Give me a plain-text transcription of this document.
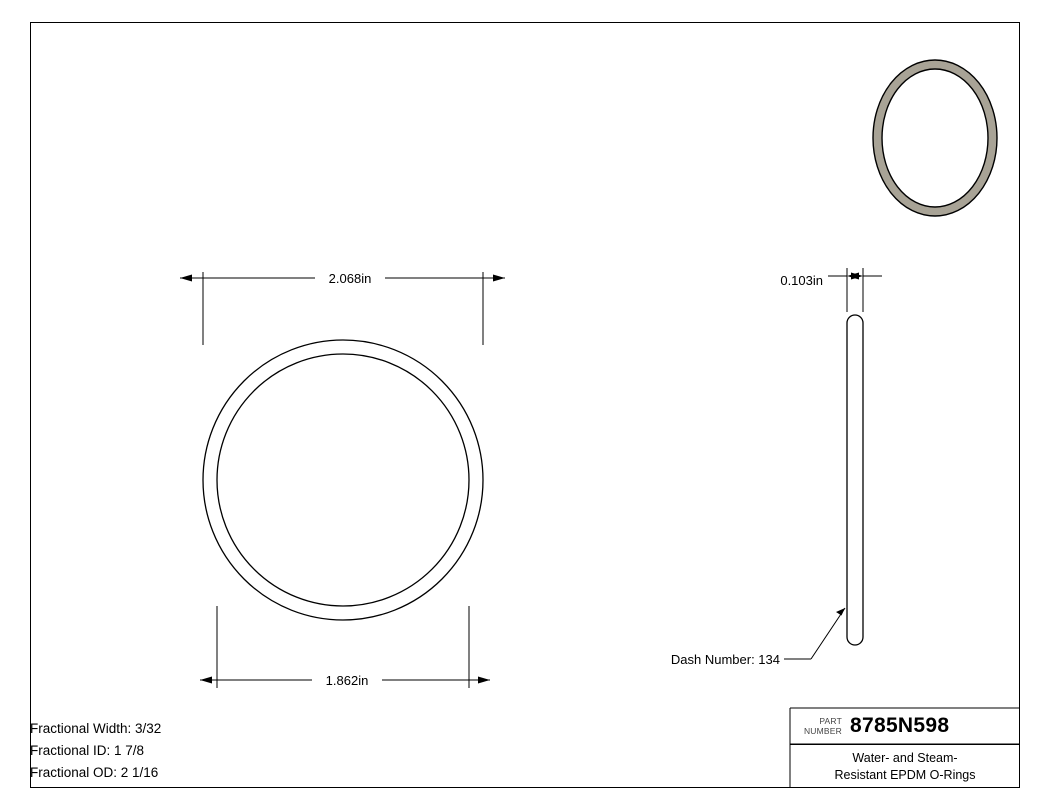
2.068in
1.862in
0.103in
Dash Number: 134
Fractional Width: 3/32
Fractional ID: 1 7/8
Fractional OD: 2 1/16
PART
NUMBER 8785N598
Water- and Steam-
Resistant EPDM O-Rings
